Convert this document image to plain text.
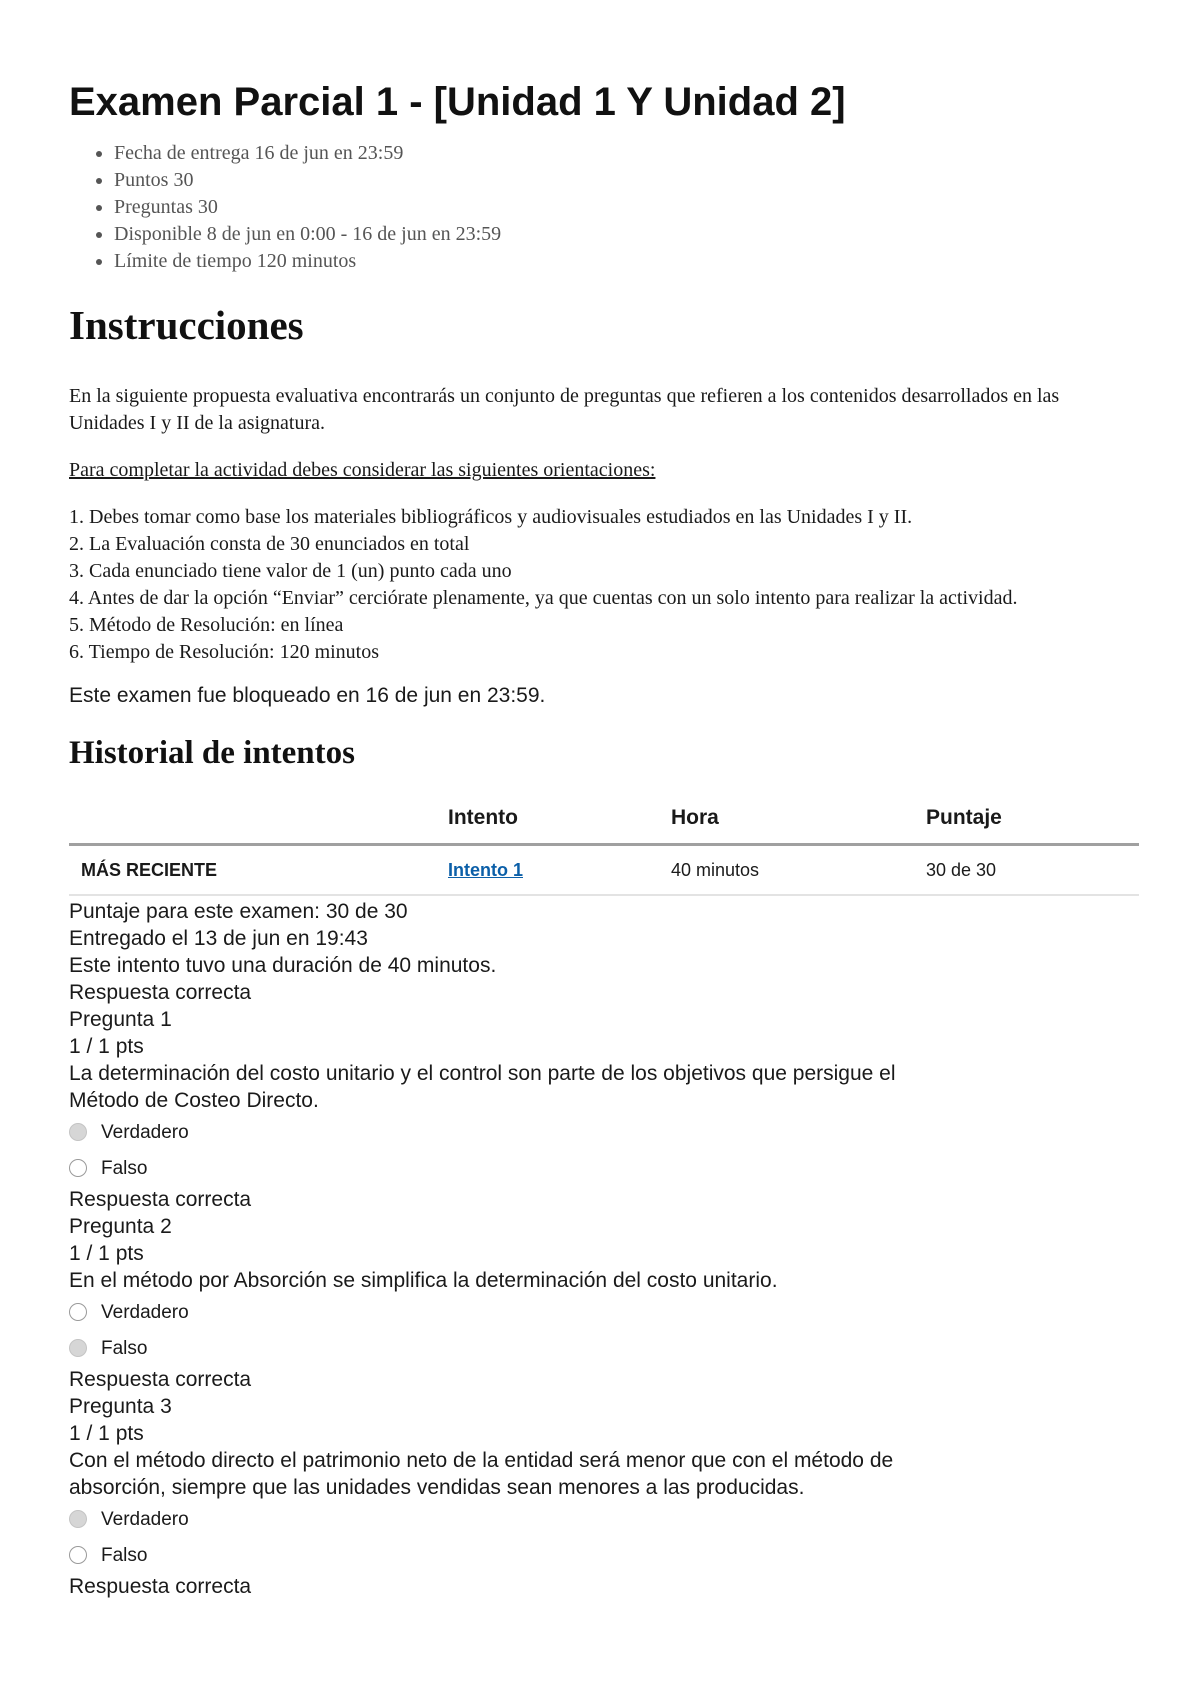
Examen Parcial 1 - [Unidad 1 Y Unidad 2]
• Fecha de entrega 16 de jun en 23:59
• Puntos 30
• Preguntas 30
• Disponible 8 de jun en 0:00 - 16 de jun en 23:59
• Límite de tiempo 120 minutos
Instrucciones
En la siguiente propuesta evaluativa encontrarás un conjunto de preguntas que refieren a los contenidos desarrollados en las Unidades I y II de la asignatura.
Para completar la actividad debes considerar las siguientes orientaciones:
1. Debes tomar como base los materiales bibliográficos y audiovisuales estudiados en las Unidades I y II.
2. La Evaluación consta de 30 enunciados en total
3. Cada enunciado tiene valor de 1 (un) punto cada uno
4. Antes de dar la opción “Enviar” cerciórate plenamente, ya que cuentas con un solo intento para realizar la actividad.
5. Método de Resolución: en línea
6. Tiempo de Resolución: 120 minutos
Este examen fue bloqueado en 16 de jun en 23:59.
Historial de intentos
	Intento	Hora	Puntaje
MÁS RECIENTE	Intento 1	40 minutos	30 de 30
Puntaje para este examen: 30 de 30
Entregado el 13 de jun en 19:43
Este intento tuvo una duración de 40 minutos.
Respuesta correcta
Pregunta 1
1 / 1 pts
La determinación del costo unitario y el control son parte de los objetivos que persigue el Método de Costeo Directo.
Verdadero
Falso
Respuesta correcta
Pregunta 2
1 / 1 pts
En el método por Absorción se simplifica la determinación del costo unitario.
Verdadero
Falso
Respuesta correcta
Pregunta 3
1 / 1 pts
Con el método directo el patrimonio neto de la entidad será menor que con el método de absorción, siempre que las unidades vendidas sean menores a las producidas.
Verdadero
Falso
Respuesta correcta
